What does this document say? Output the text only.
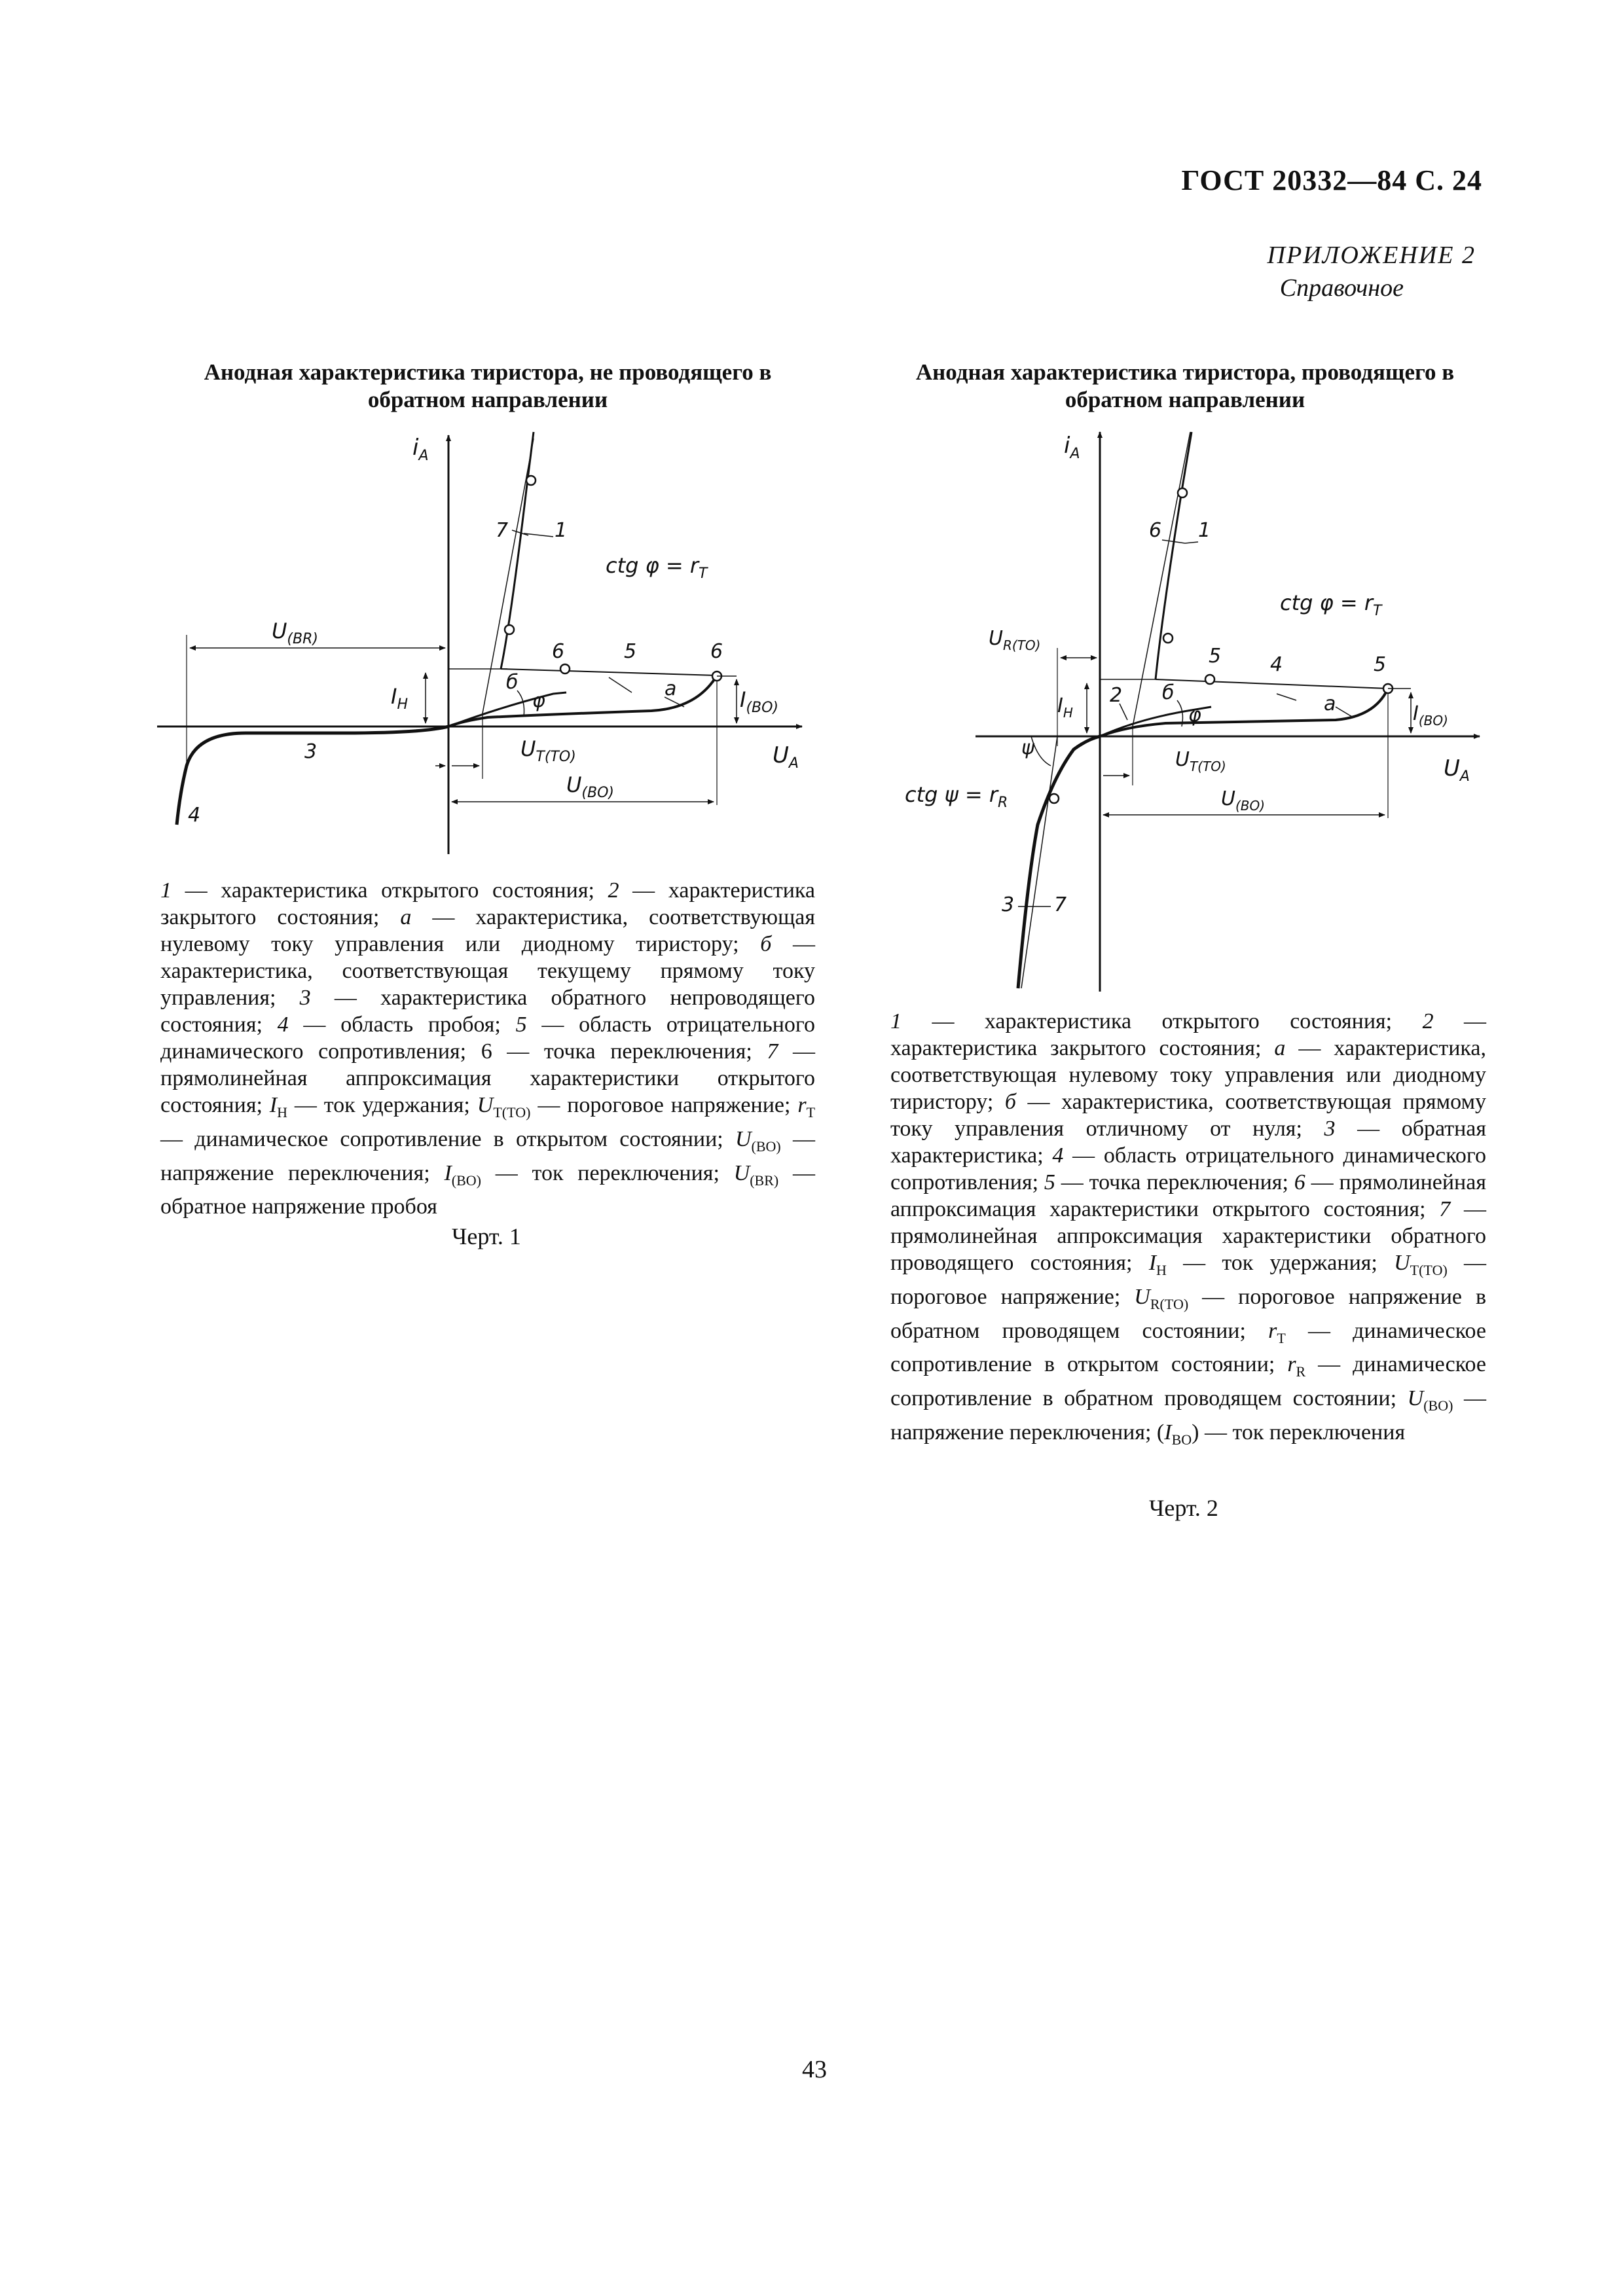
ГОСТ 20332—84 С. 24
ПРИЛОЖЕНИЕ 2
Справочное
Анодная характеристика тиристора, не проводящего в обратном направлении
Анодная характеристика тиристора, проводящего в обратном направлении
$i_A$
$U_A$
$U_{(BR)}$
$I_H$	$I_{(BO)}$
$U_{T(TO)}$
$U_{(BO)}$
ctg $\varphi = r_T$
7 1
6	5	6
a
б
φ
3
4
$i_A$
$U_A$
$U_{R(TO)}$
$I_H$	$I_{(BO)}$
$U_{T(TO)}$
$U_{(BO)}$
ctg $\varphi = r_T$
ctg $\psi = r_R$
6 1
2
5 4	5
a
б
φ
ψ
3 7
1 — характеристика открытого состояния; 2 — характеристика закрытого состояния; а — характеристика, соответствующая нулевому току управления или диодному тиристору; б — характеристика, соответствующая текущему прямому току управления; 3 — характеристика обратного непроводящего состояния; 4 — область пробоя; 5 — область отрицательного динамического сопротивления; 6 — точка переключения; 7 — прямолинейная аппроксимация характеристики открытого состояния; $I_Н$ — ток удержания; $U_{Т(ТО)}$ — пороговое напряжение; $r_Т$ — динамическое сопротивление в открытом состоянии; $U_{(BO)}$ — напряжение переключения; $I_{(BO)}$ — ток переключения; $U_{(BR)}$ — обратное напряжение пробоя
Черт. 1
1 — характеристика открытого состояния; 2 — характеристика закрытого состояния; а — характеристика, соответствующая нулевому току управления или диодному тиристору; б — характеристика, соответствующая прямому току управления отличному от нуля; 3 — обратная характеристика; 4 — область отрицательного динамического сопротивления; 5 — точка переключения; 6 — прямолинейная аппроксимация характеристики открытого состояния; 7 — прямолинейная аппроксимация характеристики обратного проводящего состояния; $I_Н$ — ток удержания; $U_{Т(ТО)}$ — пороговое напряжение; $U_{R(ТО)}$ — пороговое напряжение в обратном проводящем состоянии; $r_Т$ — динамическое сопротивление в открытом состоянии; $r_R$ — динамическое сопротивление в обратном проводящем состоянии; $U_{(BO)}$ — напряжение переключения; $(I_{BO})$ — ток переключения
Черт. 2
43
